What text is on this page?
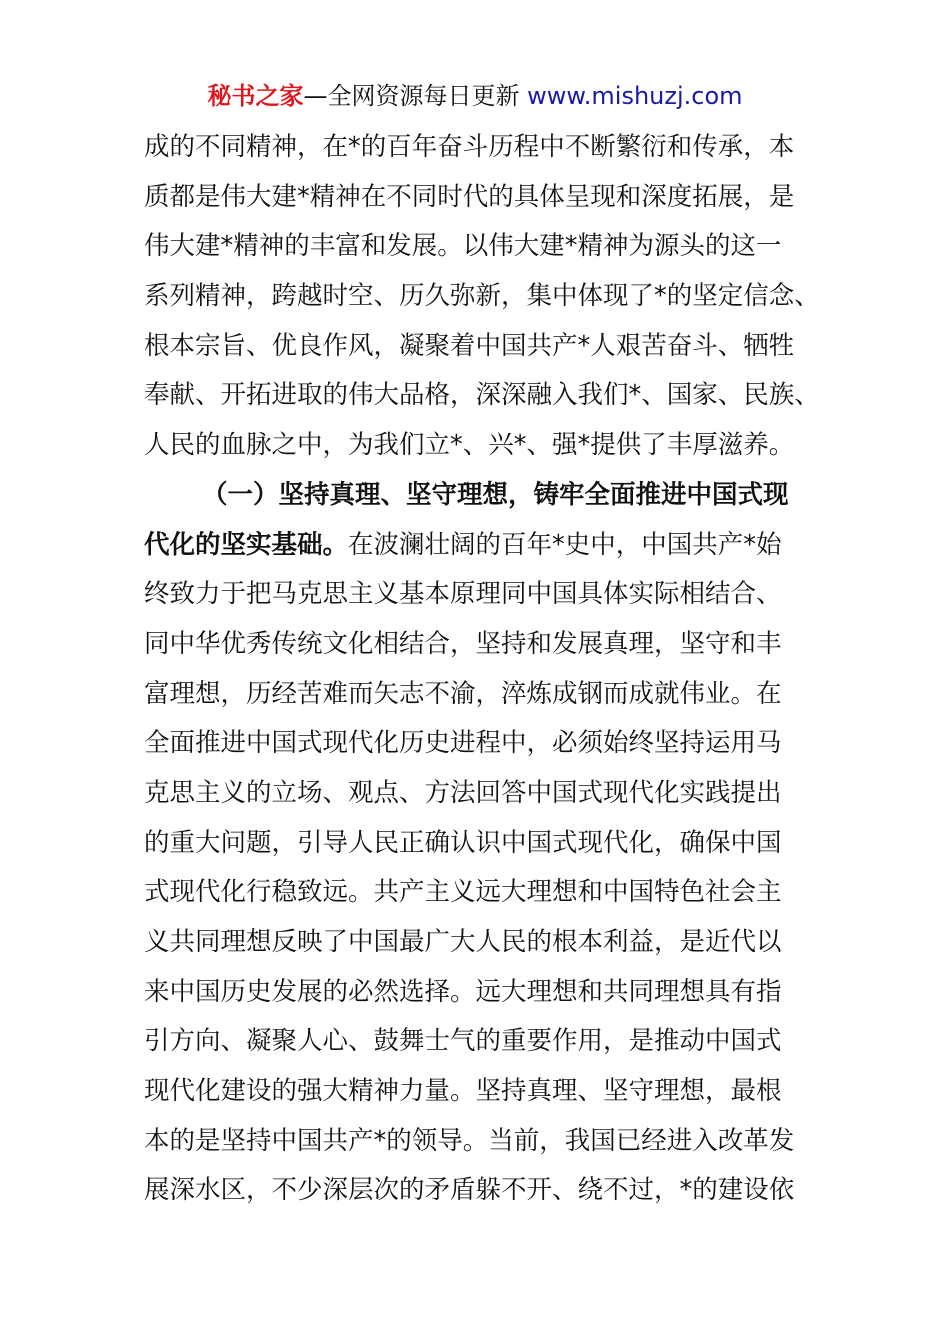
秘书之家—全网资源每日更新 www.mishuzj.com
成的不同精神，在*的百年奋斗历程中不断繁衍和传承，本
质都是伟大建*精神在不同时代的具体呈现和深度拓展，是
伟大建*精神的丰富和发展。以伟大建*精神为源头的这一
系列精神，跨越时空、历久弥新，集中体现了*的坚定信念、
根本宗旨、优良作风，凝聚着中国共产*人艰苦奋斗、牺牲
奉献、开拓进取的伟大品格，深深融入我们*、国家、民族、
人民的血脉之中，为我们立*、兴*、强*提供了丰厚滋养。
（一）坚持真理、坚守理想，铸牢全面推进中国式现
代化的坚实基础。在波澜壮阔的百年*史中，中国共产*始
终致力于把马克思主义基本原理同中国具体实际相结合、
同中华优秀传统文化相结合，坚持和发展真理，坚守和丰
富理想，历经苦难而矢志不渝，淬炼成钢而成就伟业。在
全面推进中国式现代化历史进程中，必须始终坚持运用马
克思主义的立场、观点、方法回答中国式现代化实践提出
的重大问题，引导人民正确认识中国式现代化，确保中国
式现代化行稳致远。共产主义远大理想和中国特色社会主
义共同理想反映了中国最广大人民的根本利益，是近代以
来中国历史发展的必然选择。远大理想和共同理想具有指
引方向、凝聚人心、鼓舞士气的重要作用，是推动中国式
现代化建设的强大精神力量。坚持真理、坚守理想，最根
本的是坚持中国共产*的领导。当前，我国已经进入改革发
展深水区，不少深层次的矛盾躲不开、绕不过，*的建设依
